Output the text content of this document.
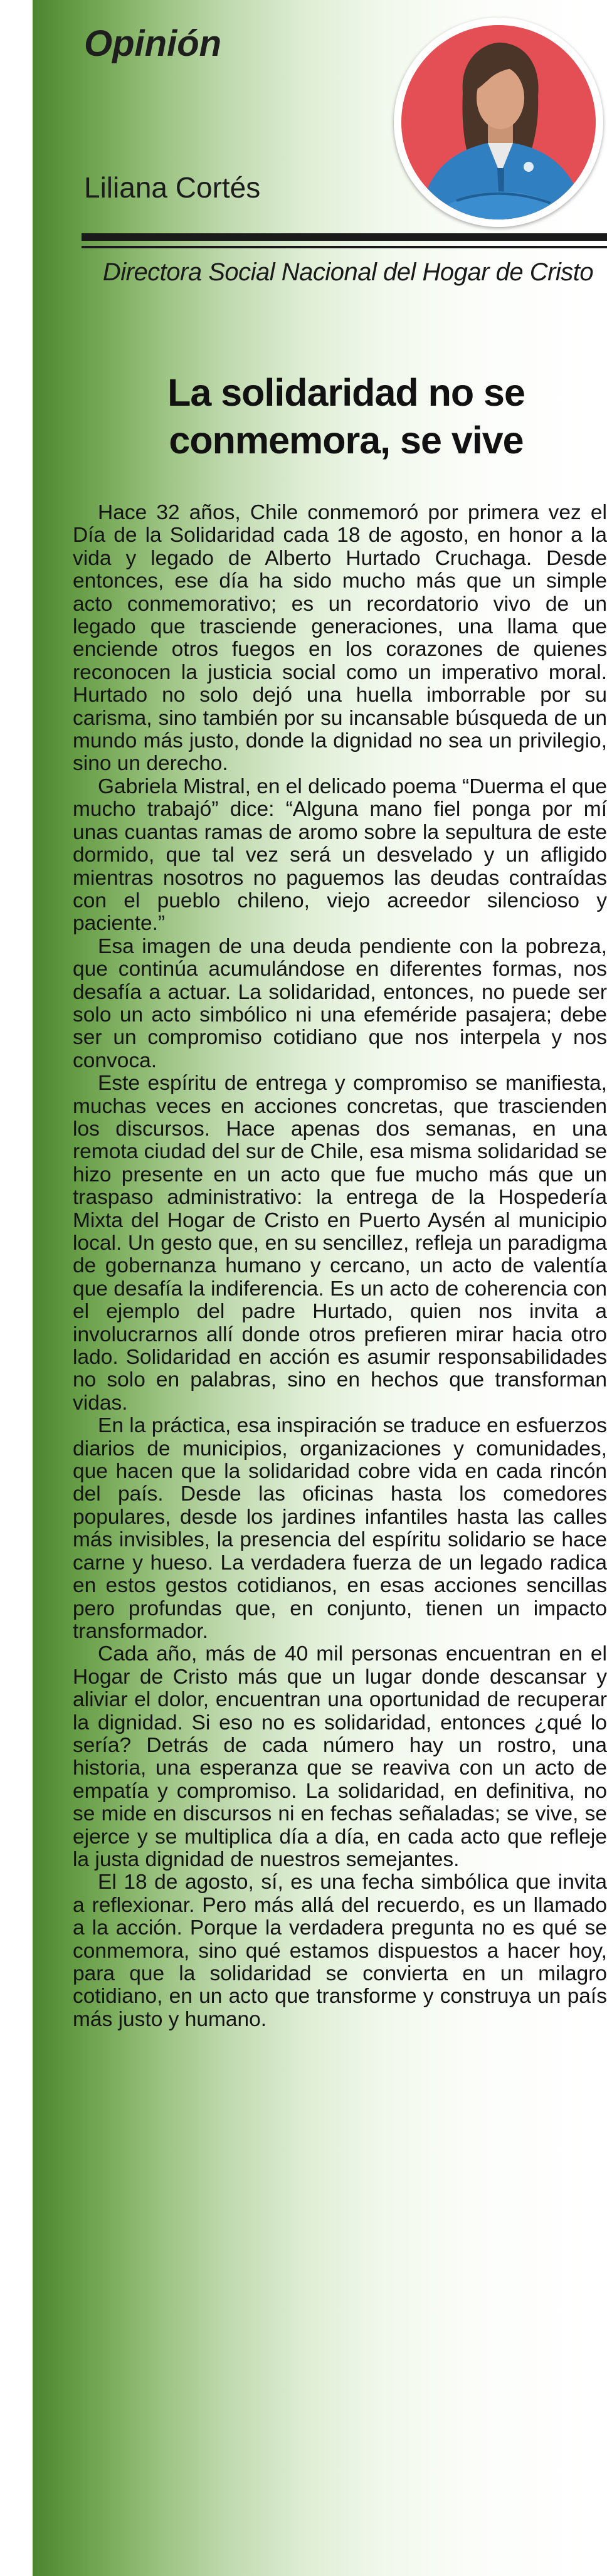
Opinión
Liliana Cortés

Directora Social Nacional del Hogar de Cristo

La solidaridad no se
conmemora, se vive

Hace 32 años, Chile conmemoró por primera vez el Día de la Solidaridad cada 18 de agosto, en honor a la vida y legado de Alberto Hurtado Cruchaga. Desde entonces, ese día ha sido mucho más que un simple acto conmemorativo; es un recordatorio vivo de un legado que trasciende generaciones, una llama que enciende otros fuegos en los corazones de quienes reconocen la justicia social como un imperativo moral. Hurtado no solo dejó una huella imborrable por su carisma, sino también por su incansable búsqueda de un mundo más justo, donde la dignidad no sea un privilegio, sino un derecho.

Gabriela Mistral, en el delicado poema “Duerma el que mucho trabajó” dice: “Alguna mano fiel ponga por mí unas cuantas ramas de aromo sobre la sepultura de este dormido, que tal vez será un desvelado y un afligido mientras nosotros no paguemos las deudas contraídas con el pueblo chileno, viejo acreedor silencioso y paciente.”

Esa imagen de una deuda pendiente con la pobreza, que continúa acumulándose en diferentes formas, nos desafía a actuar. La solidaridad, entonces, no puede ser solo un acto simbólico ni una efeméride pasajera; debe ser un compromiso cotidiano que nos interpela y nos convoca.

Este espíritu de entrega y compromiso se manifiesta, muchas veces en acciones concretas, que trascienden los discursos. Hace apenas dos semanas, en una remota ciudad del sur de Chile, esa misma solidaridad se hizo presente en un acto que fue mucho más que un traspaso administrativo: la entrega de la Hospedería Mixta del Hogar de Cristo en Puerto Aysén al municipio local. Un gesto que, en su sencillez, refleja un paradigma de gobernanza humano y cercano, un acto de valentía que desafía la indiferencia. Es un acto de coherencia con el ejemplo del padre Hurtado, quien nos invita a involucrarnos allí donde otros prefieren mirar hacia otro lado. Solidaridad en acción es asumir responsabilidades no solo en palabras, sino en hechos que transforman vidas.

En la práctica, esa inspiración se traduce en esfuerzos diarios de municipios, organizaciones y comunidades, que hacen que la solidaridad cobre vida en cada rincón del país. Desde las oficinas hasta los comedores populares, desde los jardines infantiles hasta las calles más invisibles, la presencia del espíritu solidario se hace carne y hueso. La verdadera fuerza de un legado radica en estos gestos cotidianos, en esas acciones sencillas pero profundas que, en conjunto, tienen un impacto transformador.

Cada año, más de 40 mil personas encuentran en el Hogar de Cristo más que un lugar donde descansar y aliviar el dolor, encuentran una oportunidad de recuperar la dignidad. Si eso no es solidaridad, entonces ¿qué lo sería? Detrás de cada número hay un rostro, una historia, una esperanza que se reaviva con un acto de empatía y compromiso. La solidaridad, en definitiva, no se mide en discursos ni en fechas señaladas; se vive, se ejerce y se multiplica día a día, en cada acto que refleje la justa dignidad de nuestros semejantes.

El 18 de agosto, sí, es una fecha simbólica que invita a reflexionar. Pero más allá del recuerdo, es un llamado a la acción. Porque la verdadera pregunta no es qué se conmemora, sino qué estamos dispuestos a hacer hoy, para que la solidaridad se convierta en un milagro cotidiano, en un acto que transforme y construya un país más justo y humano.
